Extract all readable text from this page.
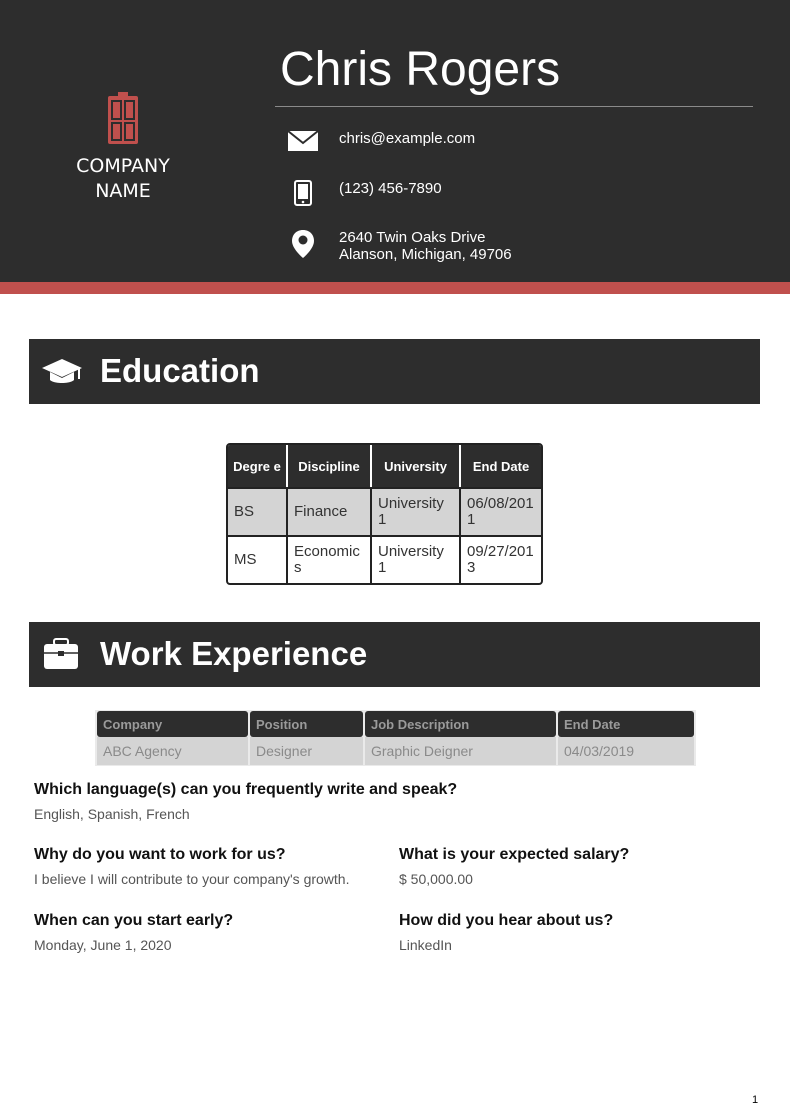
COMPANY
NAME
Chris Rogers
chris@example.com
(123) 456-7890
2640 Twin Oaks Drive
Alanson, Michigan, 49706
Education
Degre e	Discipline	University	End Date
BS	Finance	University 1	06/08/201 1
MS	Economic s	University 1	09/27/201 3
Work Experience
Company	Position	Job Description	End Date
ABC Agency	Designer	Graphic Deigner	04/03/2019
Which language(s) can you frequently write and speak?
English, Spanish, French
Why do you want to work for us?
I believe I will contribute to your company's growth.
What is your expected salary?
$ 50,000.00
When can you start early?
Monday, June 1, 2020
How did you hear about us?
LinkedIn
1
